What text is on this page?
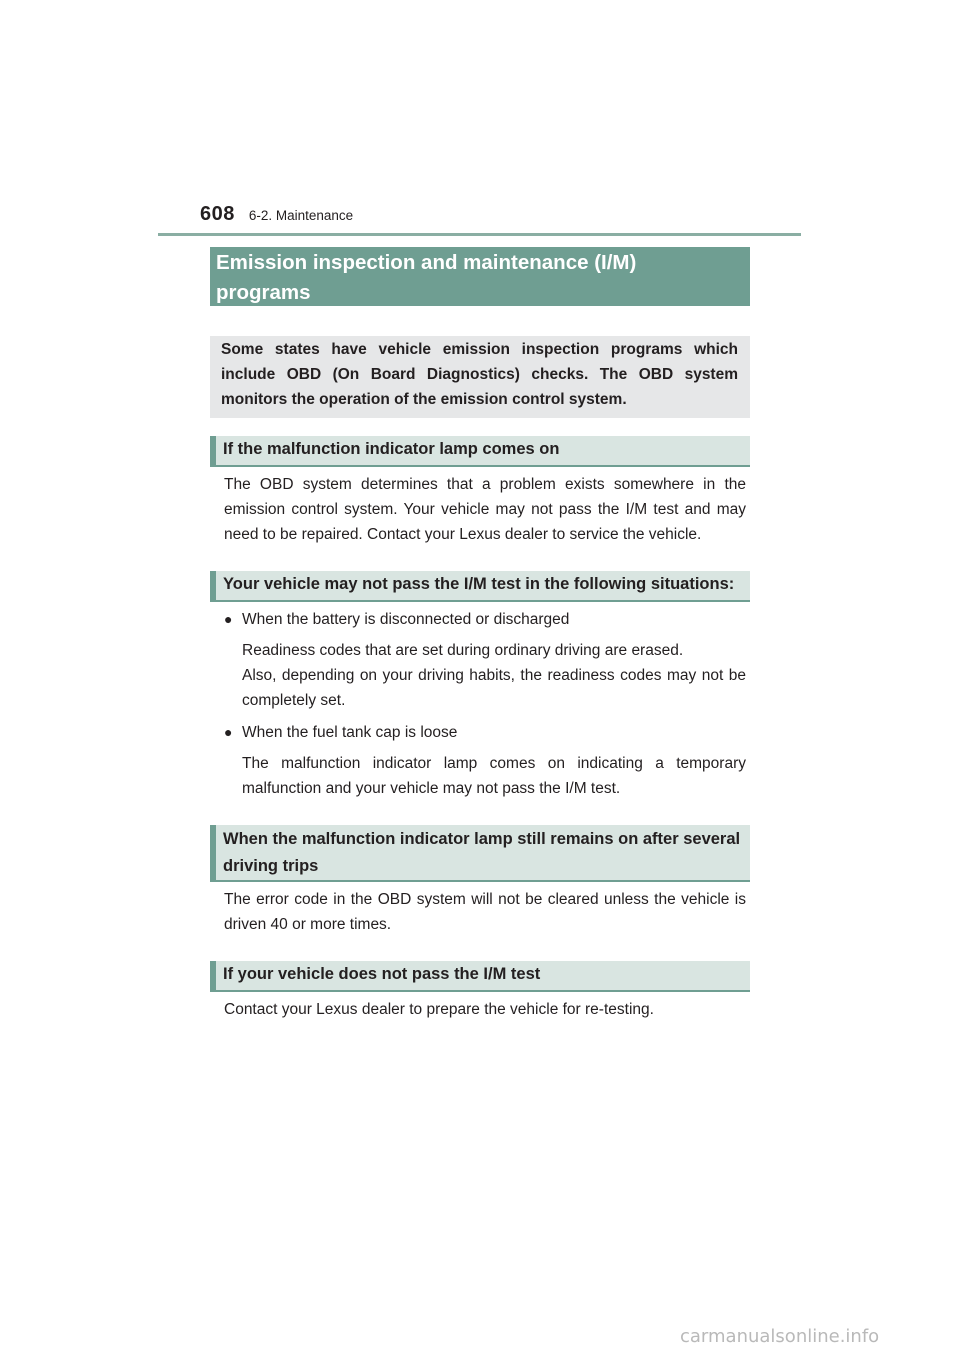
608 6-2. Maintenance
Emission inspection and maintenance (I/M)
programs
Some states have vehicle emission inspection programs which include OBD (On Board Diagnostics) checks. The OBD system monitors the operation of the emission control system.
If the malfunction indicator lamp comes on

The OBD system determines that a problem exists somewhere in the emission control system. Your vehicle may not pass the I/M test and may need to be repaired. Contact your Lexus dealer to service the vehicle.

Your vehicle may not pass the I/M test in the following situations:
● When the battery is disconnected or discharged

Readiness codes that are set during ordinary driving are erased.

Also, depending on your driving habits, the readiness codes may not be completely set.

● When the fuel tank cap is loose

The malfunction indicator lamp comes on indicating a temporary malfunction and your vehicle may not pass the I/M test.

When the malfunction indicator lamp still remains on after several
driving trips

The error code in the OBD system will not be cleared unless the vehicle is driven 40 or more times.

If your vehicle does not pass the I/M test

Contact your Lexus dealer to prepare the vehicle for re-testing.

carmanualsonline.info
